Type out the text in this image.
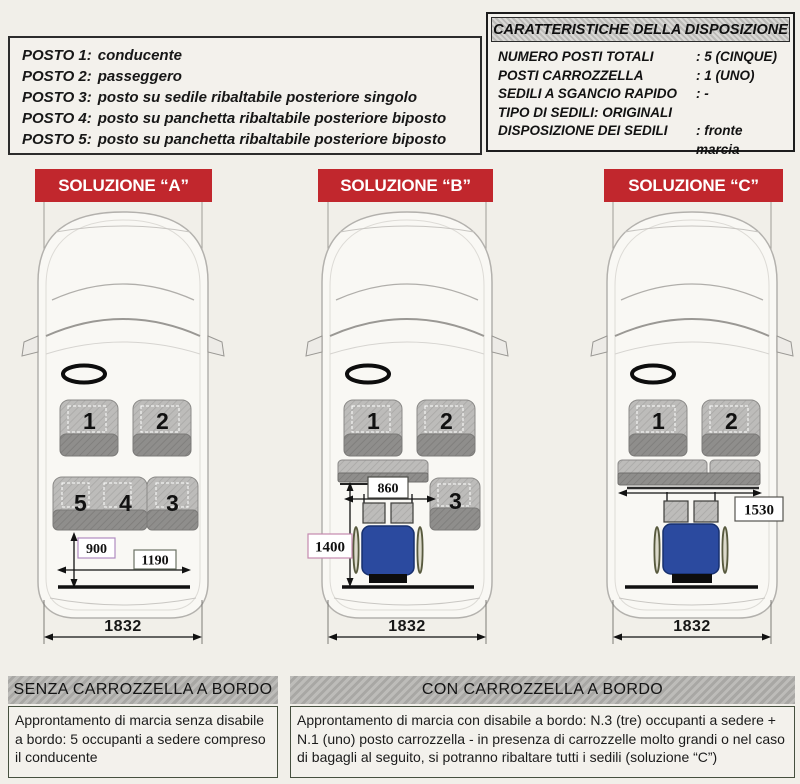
POSTO 1: conducente
POSTO 2: passeggero
POSTO 3: posto su sedile ribaltabile posteriore singolo
POSTO 4: posto su panchetta ribaltabile posteriore biposto
POSTO 5: posto su panchetta ribaltabile posteriore biposto
CARATTERISTICHE DELLA DISPOSIZIONE
NUMERO POSTI TOTALI	: 5 (CINQUE)
POSTI CARROZZELLA	: 1 (UNO)
SEDILI A SGANCIO RAPIDO	: -
TIPO DI SEDILI: ORIGINALI
DISPOSIZIONE DEI SEDILI	: fronte marcia
SOLUZIONE “A”	SOLUZIONE “B”	SOLUZIONE “C”
1	2
5 4 3
900
1190
1832
1	2
3
860
1400
1832
1	2
1530
1832
SENZA CARROZZELLA A BORDO	CON CARROZZELLA A BORDO
Approntamento di marcia senza disabile a bordo: 5 occupanti a sedere compreso il conducente
Approntamento di marcia con disabile a bordo: N.3 (tre) occupanti a sedere + N.1 (uno) posto carrozzella - in presenza di carrozzelle molto grandi o nel caso di bagagli al seguito, si potranno ribaltare tutti i sedili (soluzione “C”)
